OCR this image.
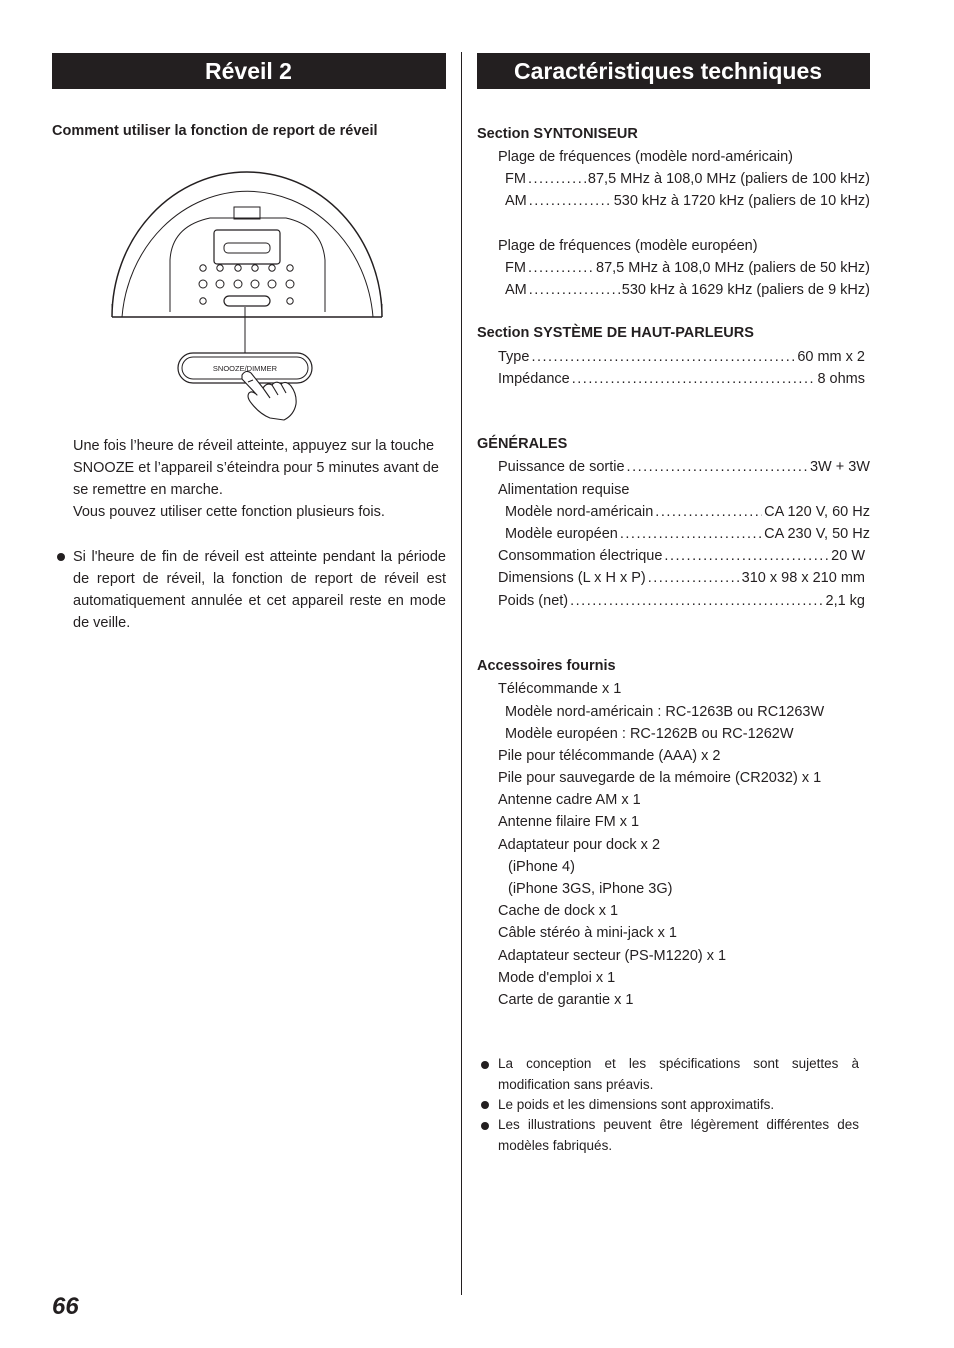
Réveil 2
Comment utiliser la fonction de report de réveil
SNOOZE/DIMMER
Une fois l’heure de réveil atteinte, appuyez sur la touche
SNOOZE et l’appareil s’éteindra pour 5 minutes avant de
se remettre en marche.
Vous pouvez utiliser cette fonction plusieurs fois.
Si l'heure de fin de réveil est atteinte pendant la période de report de réveil, la fonction de report de réveil est automatiquement annulée et cet appareil reste en mode de veille.
Caractéristiques techniques
Section SYNTONISEUR
Plage de fréquences (modèle nord-américain)
FM .....	87,5 MHz à 108,0 MHz (paliers de 100 kHz)
AM .....	530 kHz à 1720 kHz (paliers de 10 kHz)
Plage de fréquences (modèle européen)
FM .....	87,5 MHz à 108,0 MHz (paliers de 50 kHz)
AM .....	530 kHz à 1629 kHz (paliers de 9 kHz)
Section SYSTÈME DE HAUT-PARLEURS
Type .....	60 mm x 2
Impédance .....	8 ohms
GÉNÉRALES
Puissance de sortie .....	3W + 3W
Alimentation requise
Modèle nord-américain .....	CA 120 V, 60 Hz
Modèle européen .....	CA 230 V, 50 Hz
Consommation électrique .....	20 W
Dimensions (L x H x P) .....	310 x 98 x 210 mm
Poids (net) .....	2,1 kg
Accessoires fournis
Télécommande x 1
Modèle nord-américain : RC-1263B ou RC1263W
Modèle européen : RC-1262B ou RC-1262W
Pile pour télécommande (AAA) x 2
Pile pour sauvegarde de la mémoire (CR2032) x 1
Antenne cadre AM x 1
Antenne filaire FM x 1
Adaptateur pour dock x 2
(iPhone 4)
(iPhone 3GS, iPhone 3G)
Cache de dock x 1
Câble stéréo à mini-jack x 1
Adaptateur secteur (PS-M1220) x 1
Mode d'emploi x 1
Carte de garantie x 1
La conception et les spécifications sont sujettes à modification sans préavis.
Le poids et les dimensions sont approximatifs.
Les illustrations peuvent être légèrement différentes des modèles fabriqués.
66
